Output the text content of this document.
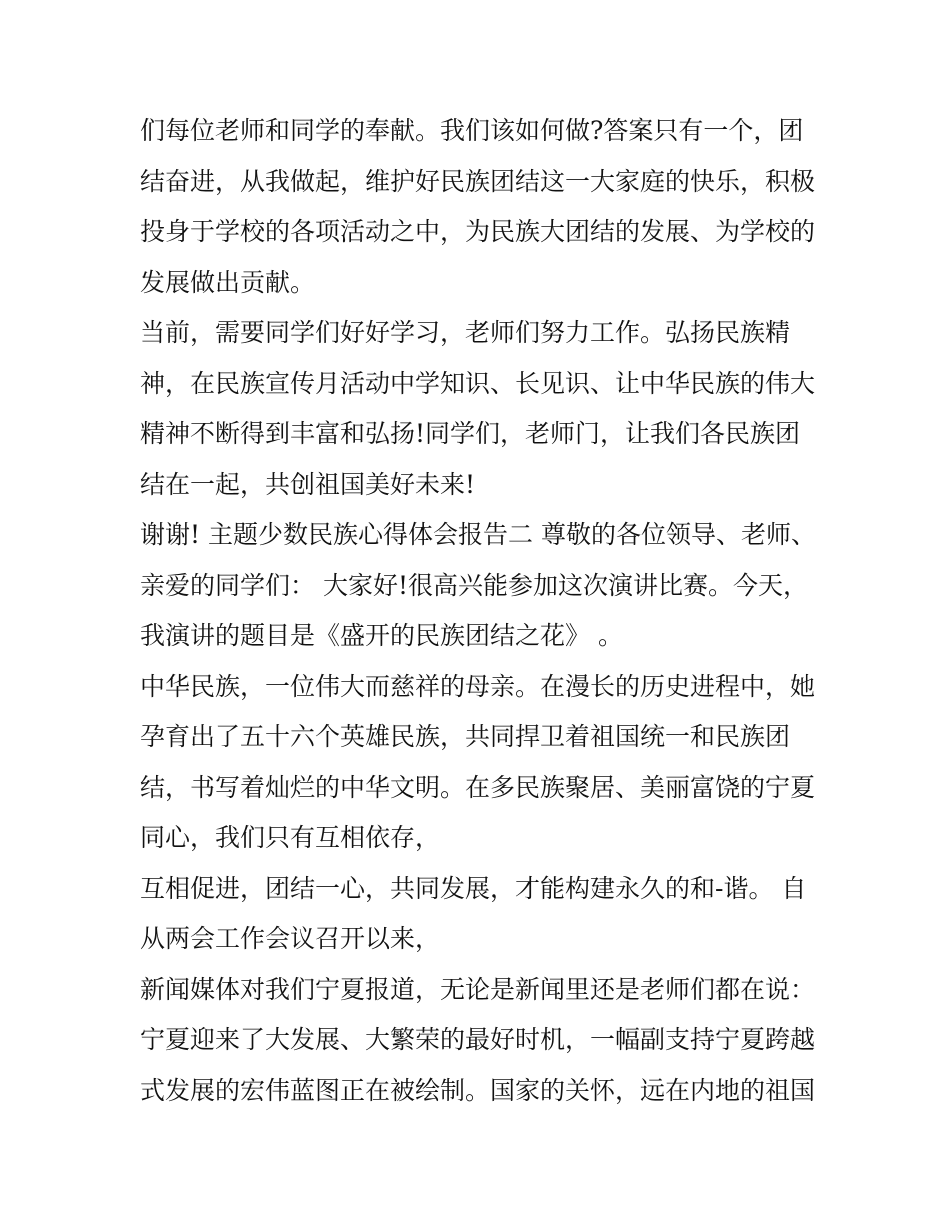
们每位老师和同学的奉献。我们该如何做?答案只有一个，团
结奋进，从我做起，维护好民族团结这一大家庭的快乐，积极
投身于学校的各项活动之中，为民族大团结的发展、为学校的
发展做出贡献。
当前，需要同学们好好学习，老师们努力工作。弘扬民族精
神，在民族宣传月活动中学知识、长见识、让中华民族的伟大
精神不断得到丰富和弘扬!同学们，老师门，让我们各民族团
结在一起，共创祖国美好未来!
谢谢! 主题少数民族心得体会报告二 尊敬的各位领导、老师、
亲爱的同学们： 大家好!很高兴能参加这次演讲比赛。今天，
我演讲的题目是《盛开的民族团结之花》 。
中华民族，一位伟大而慈祥的母亲。在漫长的历史进程中，她
孕育出了五十六个英雄民族，共同捍卫着祖国统一和民族团
结，书写着灿烂的中华文明。在多民族聚居、美丽富饶的宁夏
同心，我们只有互相依存，
互相促进，团结一心，共同发展，才能构建永久的和-谐。 自
从两会工作会议召开以来，
新闻媒体对我们宁夏报道，无论是新闻里还是老师们都在说：
宁夏迎来了大发展、大繁荣的最好时机，一幅副支持宁夏跨越
式发展的宏伟蓝图正在被绘制。国家的关怀，远在内地的祖国
